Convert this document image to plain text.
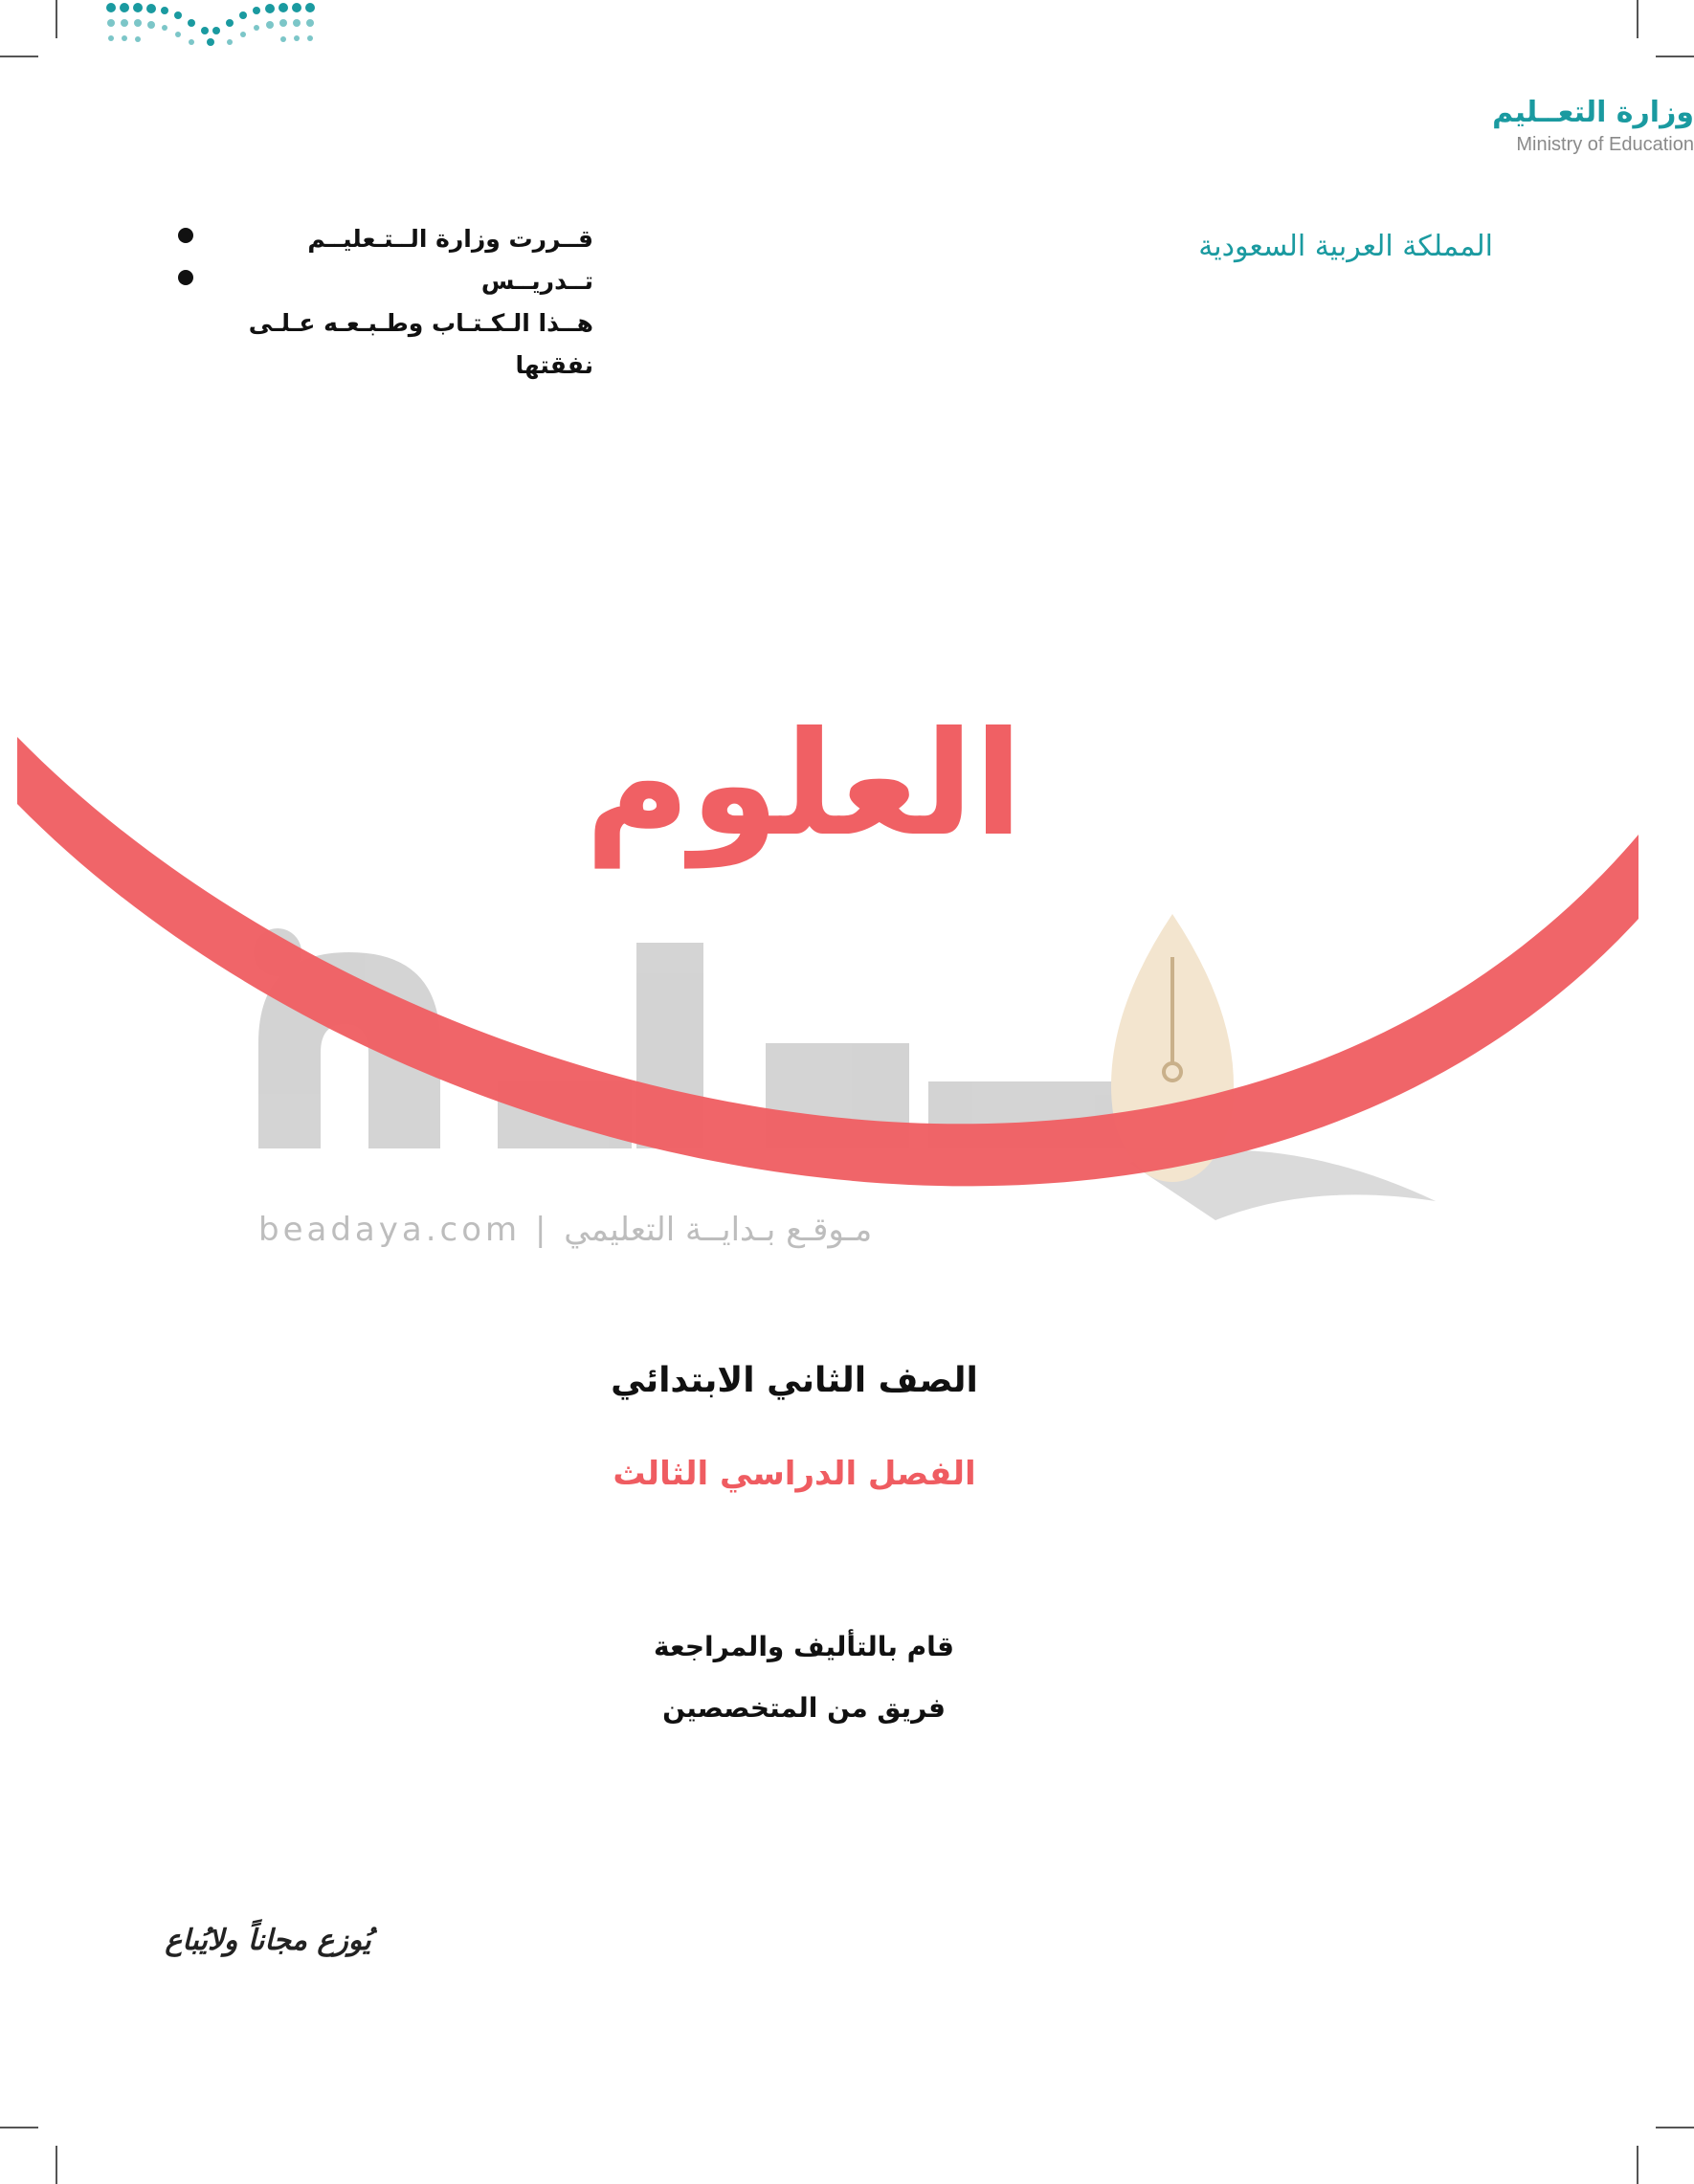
المملكة العربية السعودية
وزارة التعــليم
Ministry of Education
قــررت وزارة الــتـعليــم تــدريــس
هــذا الـكـتـاب وطـبـعـه عـلـى نفقتها
العلوم
beadaya.com | مـوقـع بـدايــة التعليمي
الصف الثاني الابتدائي
الفصل الدراسي الثالث
قام بالتأليف والمراجعة
فريق من المتخصصين
يُوزع مجاناً ولايُباع
